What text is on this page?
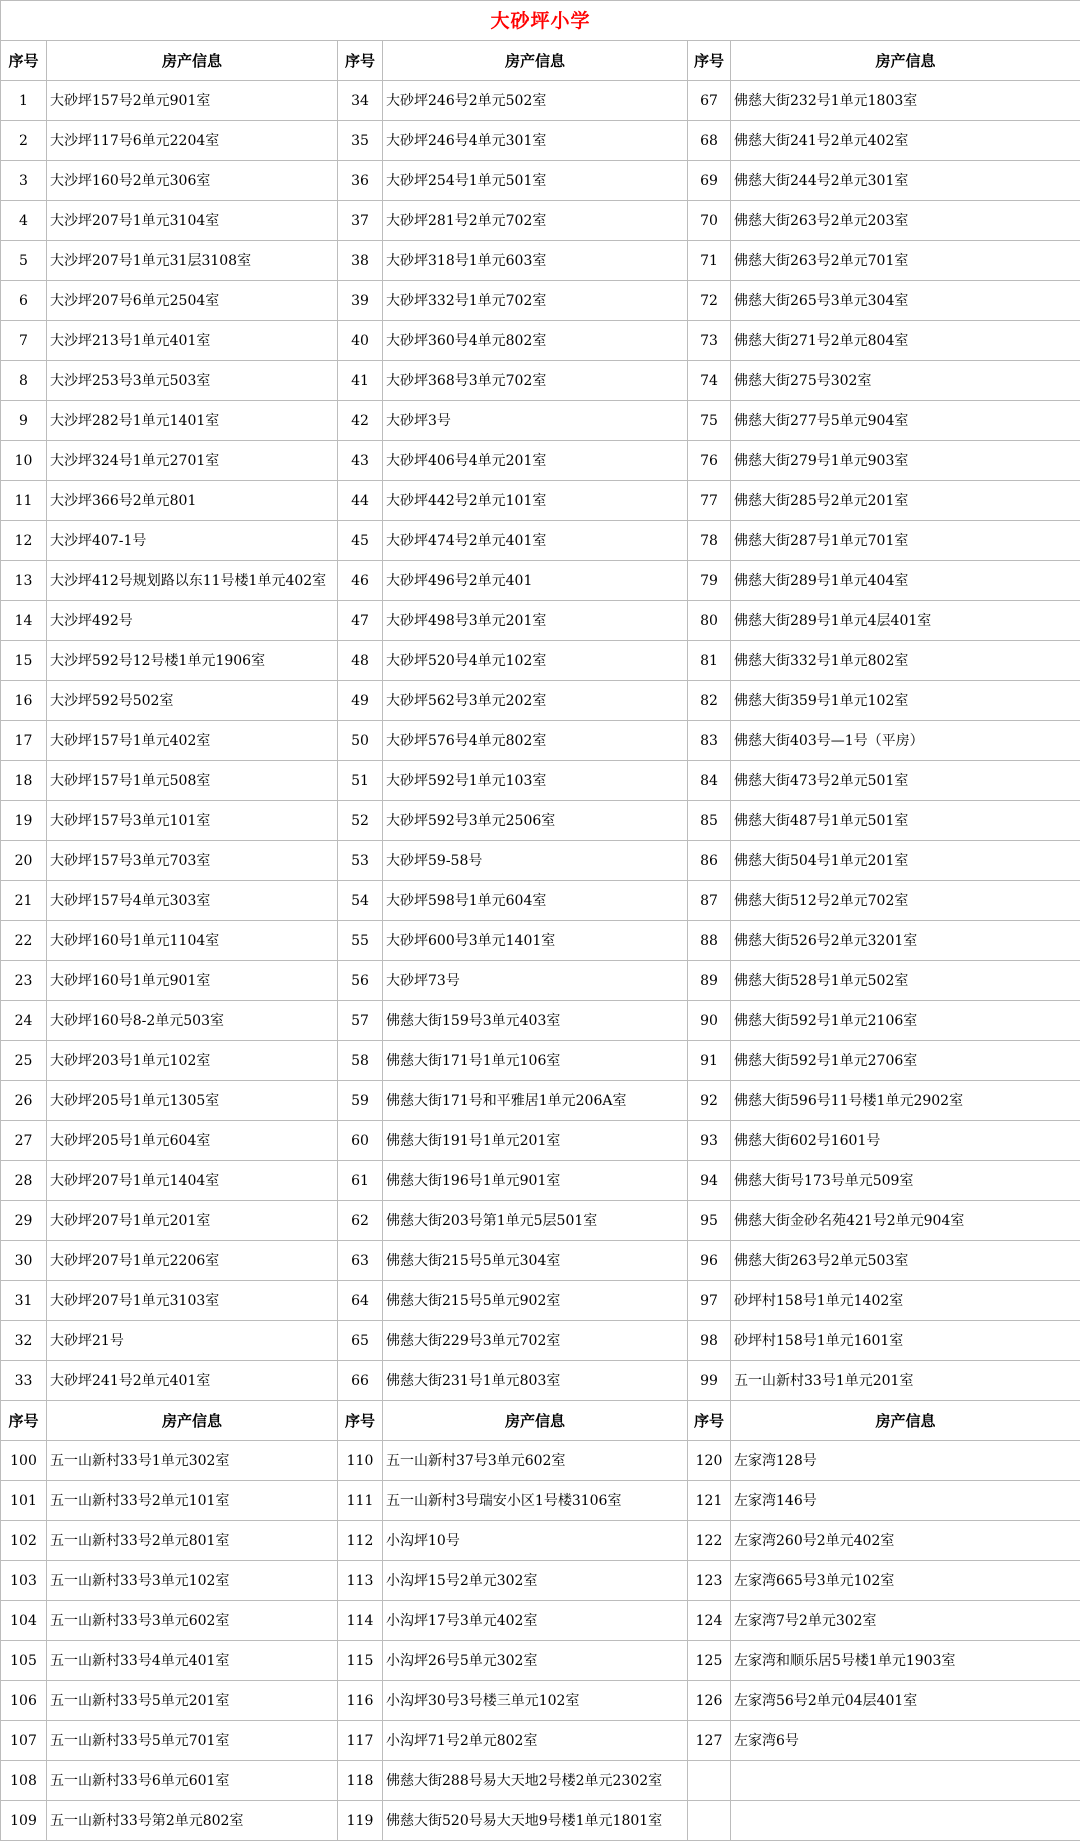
大砂坪小学					
序号	房产信息	序号	房产信息	序号	房产信息
1	大砂坪157号2单元901室	34	大砂坪246号2单元502室	67	佛慈大街232号1单元1803室
2	大沙坪117号6单元2204室	35	大砂坪246号4单元301室	68	佛慈大街241号2单元402室
3	大沙坪160号2单元306室	36	大砂坪254号1单元501室	69	佛慈大街244号2单元301室
4	大沙坪207号1单元3104室	37	大砂坪281号2单元702室	70	佛慈大街263号2单元203室
5	大沙坪207号1单元31层3108室	38	大砂坪318号1单元603室	71	佛慈大街263号2单元701室
6	大沙坪207号6单元2504室	39	大砂坪332号1单元702室	72	佛慈大街265号3单元304室
7	大沙坪213号1单元401室	40	大砂坪360号4单元802室	73	佛慈大街271号2单元804室
8	大沙坪253号3单元503室	41	大砂坪368号3单元702室	74	佛慈大街275号302室
9	大沙坪282号1单元1401室	42	大砂坪3号	75	佛慈大街277号5单元904室
10	大沙坪324号1单元2701室	43	大砂坪406号4单元201室	76	佛慈大街279号1单元903室
11	大沙坪366号2单元801	44	大砂坪442号2单元101室	77	佛慈大街285号2单元201室
12	大沙坪407-1号	45	大砂坪474号2单元401室	78	佛慈大街287号1单元701室
13	大沙坪412号规划路以东11号楼1单元402室	46	大砂坪496号2单元401	79	佛慈大街289号1单元404室
14	大沙坪492号	47	大砂坪498号3单元201室	80	佛慈大街289号1单元4层401室
15	大沙坪592号12号楼1单元1906室	48	大砂坪520号4单元102室	81	佛慈大街332号1单元802室
16	大沙坪592号502室	49	大砂坪562号3单元202室	82	佛慈大街359号1单元102室
17	大砂坪157号1单元402室	50	大砂坪576号4单元802室	83	佛慈大街403号—1号（平房）
18	大砂坪157号1单元508室	51	大砂坪592号1单元103室	84	佛慈大街473号2单元501室
19	大砂坪157号3单元101室	52	大砂坪592号3单元2506室	85	佛慈大街487号1单元501室
20	大砂坪157号3单元703室	53	大砂坪59-58号	86	佛慈大街504号1单元201室
21	大砂坪157号4单元303室	54	大砂坪598号1单元604室	87	佛慈大街512号2单元702室
22	大砂坪160号1单元1104室	55	大砂坪600号3单元1401室	88	佛慈大街526号2单元3201室
23	大砂坪160号1单元901室	56	大砂坪73号	89	佛慈大街528号1单元502室
24	大砂坪160号8-2单元503室	57	佛慈大街159号3单元403室	90	佛慈大街592号1单元2106室
25	大砂坪203号1单元102室	58	佛慈大街171号1单元106室	91	佛慈大街592号1单元2706室
26	大砂坪205号1单元1305室	59	佛慈大街171号和平雅居1单元206A室	92	佛慈大街596号11号楼1单元2902室
27	大砂坪205号1单元604室	60	佛慈大街191号1单元201室	93	佛慈大街602号1601号
28	大砂坪207号1单元1404室	61	佛慈大街196号1单元901室	94	佛慈大街号173号单元509室
29	大砂坪207号1单元201室	62	佛慈大街203号第1单元5层501室	95	佛慈大街金砂名苑421号2单元904室
30	大砂坪207号1单元2206室	63	佛慈大街215号5单元304室	96	佛慈大街263号2单元503室
31	大砂坪207号1单元3103室	64	佛慈大街215号5单元902室	97	砂坪村158号1单元1402室
32	大砂坪21号	65	佛慈大街229号3单元702室	98	砂坪村158号1单元1601室
33	大砂坪241号2单元401室	66	佛慈大街231号1单元803室	99	五一山新村33号1单元201室
序号	房产信息	序号	房产信息	序号	房产信息
100	五一山新村33号1单元302室	110	五一山新村37号3单元602室	120	左家湾128号
101	五一山新村33号2单元101室	111	五一山新村3号瑞安小区1号楼3106室	121	左家湾146号
102	五一山新村33号2单元801室	112	小沟坪10号	122	左家湾260号2单元402室
103	五一山新村33号3单元102室	113	小沟坪15号2单元302室	123	左家湾665号3单元102室
104	五一山新村33号3单元602室	114	小沟坪17号3单元402室	124	左家湾7号2单元302室
105	五一山新村33号4单元401室	115	小沟坪26号5单元302室	125	左家湾和顺乐居5号楼1单元1903室
106	五一山新村33号5单元201室	116	小沟坪30号3号楼三单元102室	126	左家湾56号2单元04层401室
107	五一山新村33号5单元701室	117	小沟坪71号2单元802室	127	左家湾6号
108	五一山新村33号6单元601室	118	佛慈大街288号易大天地2号楼2单元2302室		
109	五一山新村33号第2单元802室	119	佛慈大街520号易大天地9号楼1单元1801室		
